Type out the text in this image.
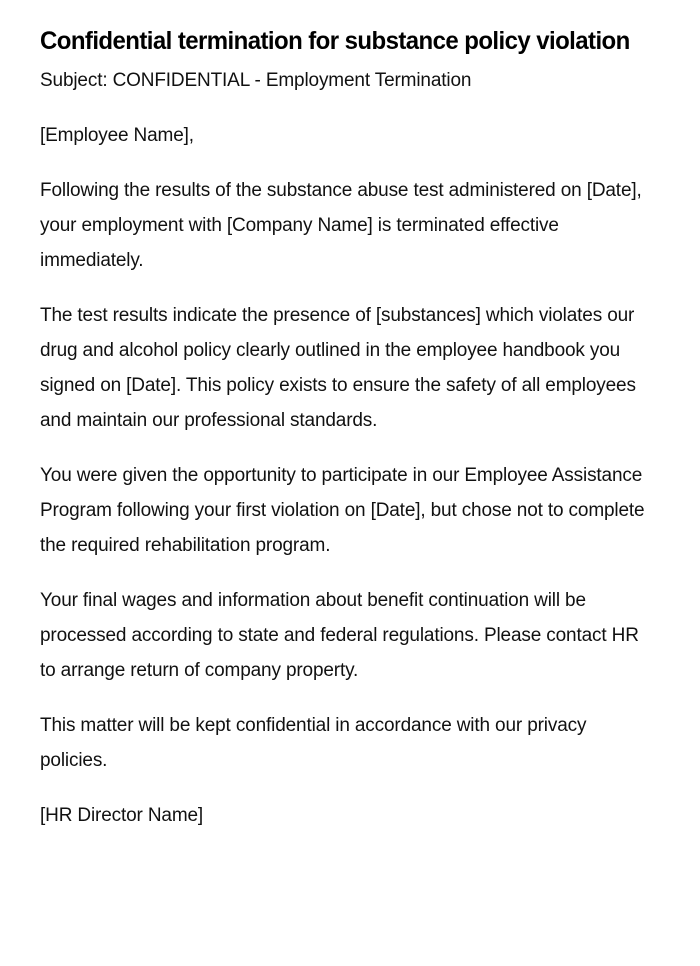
Confidential termination for substance policy violation

Subject: CONFIDENTIAL - Employment Termination

[Employee Name],

Following the results of the substance abuse test administered on [Date], your employment with [Company Name] is terminated effective immediately.

The test results indicate the presence of [substances] which violates our drug and alcohol policy clearly outlined in the employee handbook you signed on [Date]. This policy exists to ensure the safety of all employees and maintain our professional standards.

You were given the opportunity to participate in our Employee Assistance Program following your first violation on [Date], but chose not to complete the required rehabilitation program.

Your final wages and information about benefit continuation will be processed according to state and federal regulations. Please contact HR to arrange return of company property.

This matter will be kept confidential in accordance with our privacy policies.

[HR Director Name]
